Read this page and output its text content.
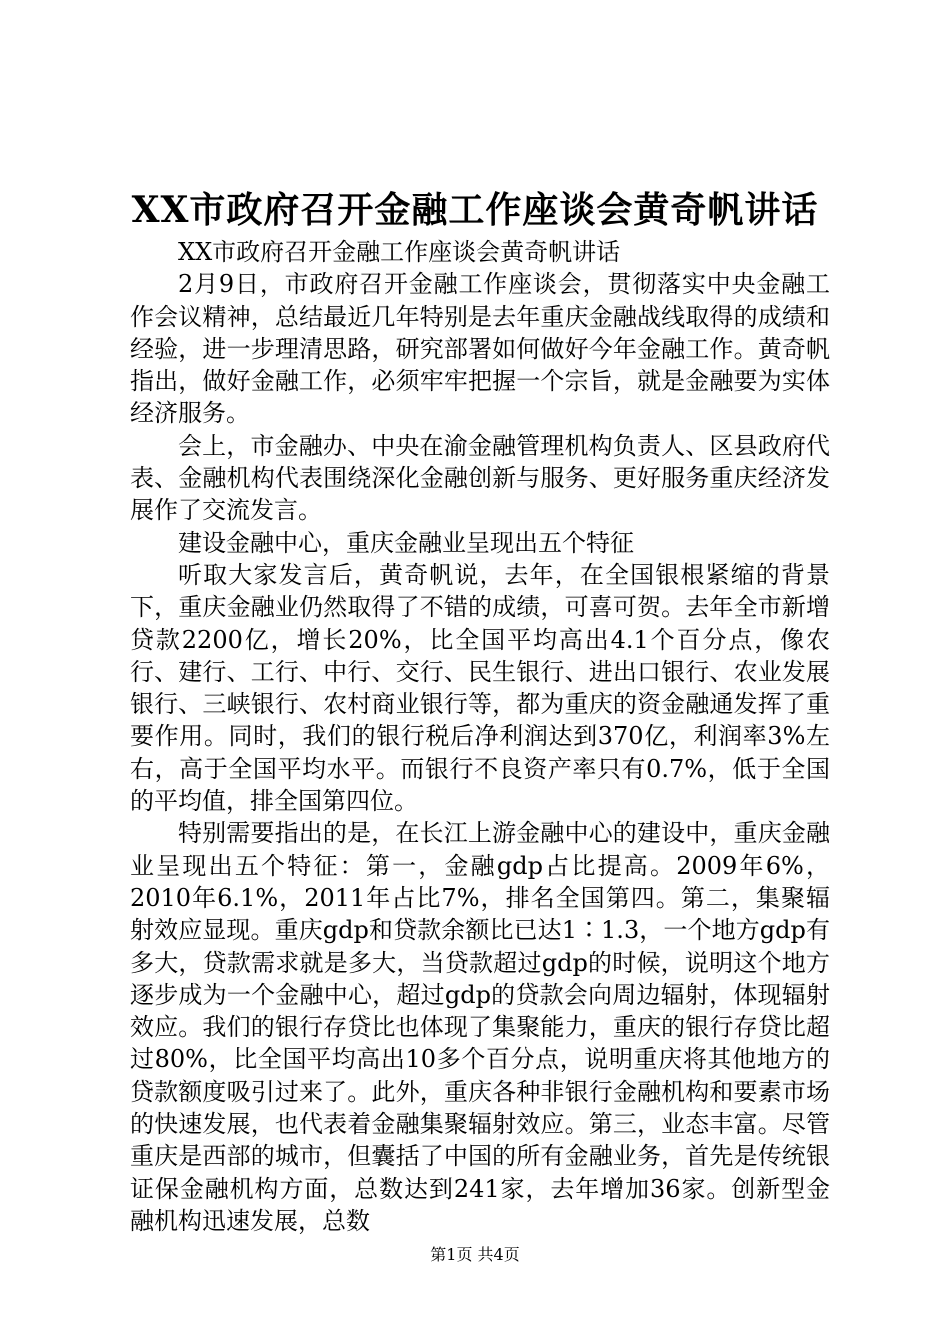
XX市政府召开金融工作座谈会黄奇帆讲话

XX市政府召开金融工作座谈会黄奇帆讲话

2月9日，市政府召开金融工作座谈会，贯彻落实中央金融工作会议精神，总结最近几年特别是去年重庆金融战线取得的成绩和经验，进一步理清思路，研究部署如何做好今年金融工作。黄奇帆指出，做好金融工作，必须牢牢把握一个宗旨，就是金融要为实体经济服务。

会上，市金融办、中央在渝金融管理机构负责人、区县政府代表、金融机构代表围绕深化金融创新与服务、更好服务重庆经济发展作了交流发言。

建设金融中心，重庆金融业呈现出五个特征

听取大家发言后，黄奇帆说，去年，在全国银根紧缩的背景下，重庆金融业仍然取得了不错的成绩，可喜可贺。去年全市新增贷款2200亿，增长20%，比全国平均高出4.1个百分点，像农行、建行、工行、中行、交行、民生银行、进出口银行、农业发展银行、三峡银行、农村商业银行等，都为重庆的资金融通发挥了重要作用。同时，我们的银行税后净利润达到370亿，利润率3%左右，高于全国平均水平。而银行不良资产率只有0.7%，低于全国的平均值，排全国第四位。

特别需要指出的是，在长江上游金融中心的建设中，重庆金融业呈现出五个特征：第一，金融gdp占比提高。2009年6%，2010年6.1%，2011年占比7%，排名全国第四。第二，集聚辐射效应显现。重庆gdp和贷款余额比已达1∶1.3，一个地方gdp有多大，贷款需求就是多大，当贷款超过gdp的时候，说明这个地方逐步成为一个金融中心，超过gdp的贷款会向周边辐射，体现辐射效应。我们的银行存贷比也体现了集聚能力，重庆的银行存贷比超过80%，比全国平均高出10多个百分点，说明重庆将其他地方的贷款额度吸引过来了。此外，重庆各种非银行金融机构和要素市场的快速发展，也代表着金融集聚辐射效应。第三，业态丰富。尽管重庆是西部的城市，但囊括了中国的所有金融业务，首先是传统银证保金融机构方面，总数达到241家，去年增加36家。创新型金融机构迅速发展，总数

第1页 共4页
